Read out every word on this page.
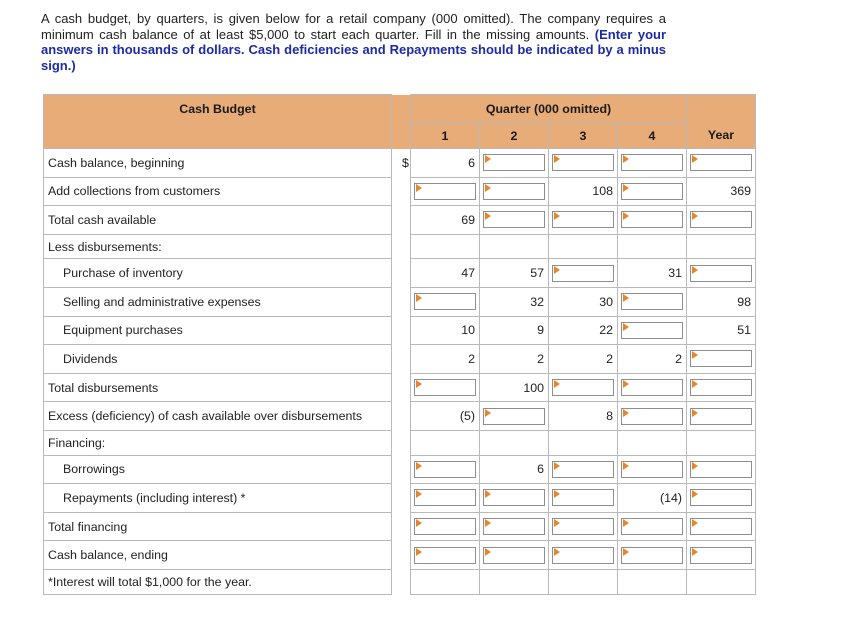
A cash budget, by quarters, is given below for a retail company (000 omitted). The company requires a minimum cash balance of at least $5,000 to start each quarter. Fill in the missing amounts. (Enter your answers in thousands of dollars. Cash deficiencies and Repayments should be indicated by a minus sign.)
Cash Budget		Quarter (000 omitted)				
		1	2	3	4	Year
Cash balance, beginning	$	6	

Add collections from customers				108		369
Total cash available		69	

Less disbursements:						
Purchase of inventory		47	57		31	

Selling and administrative expenses			32	30		98
Equipment purchases		10	9	22		51
Dividends		2	2	2	2	

Total disbursements			100	

Excess (deficiency) of cash available over disbursements		(5)		8	

Financing:						
Borrowings			6	

Repayments (including interest) *					(14)	

Total financing		

Cash balance, ending		

*Interest will total $1,000 for the year.						
